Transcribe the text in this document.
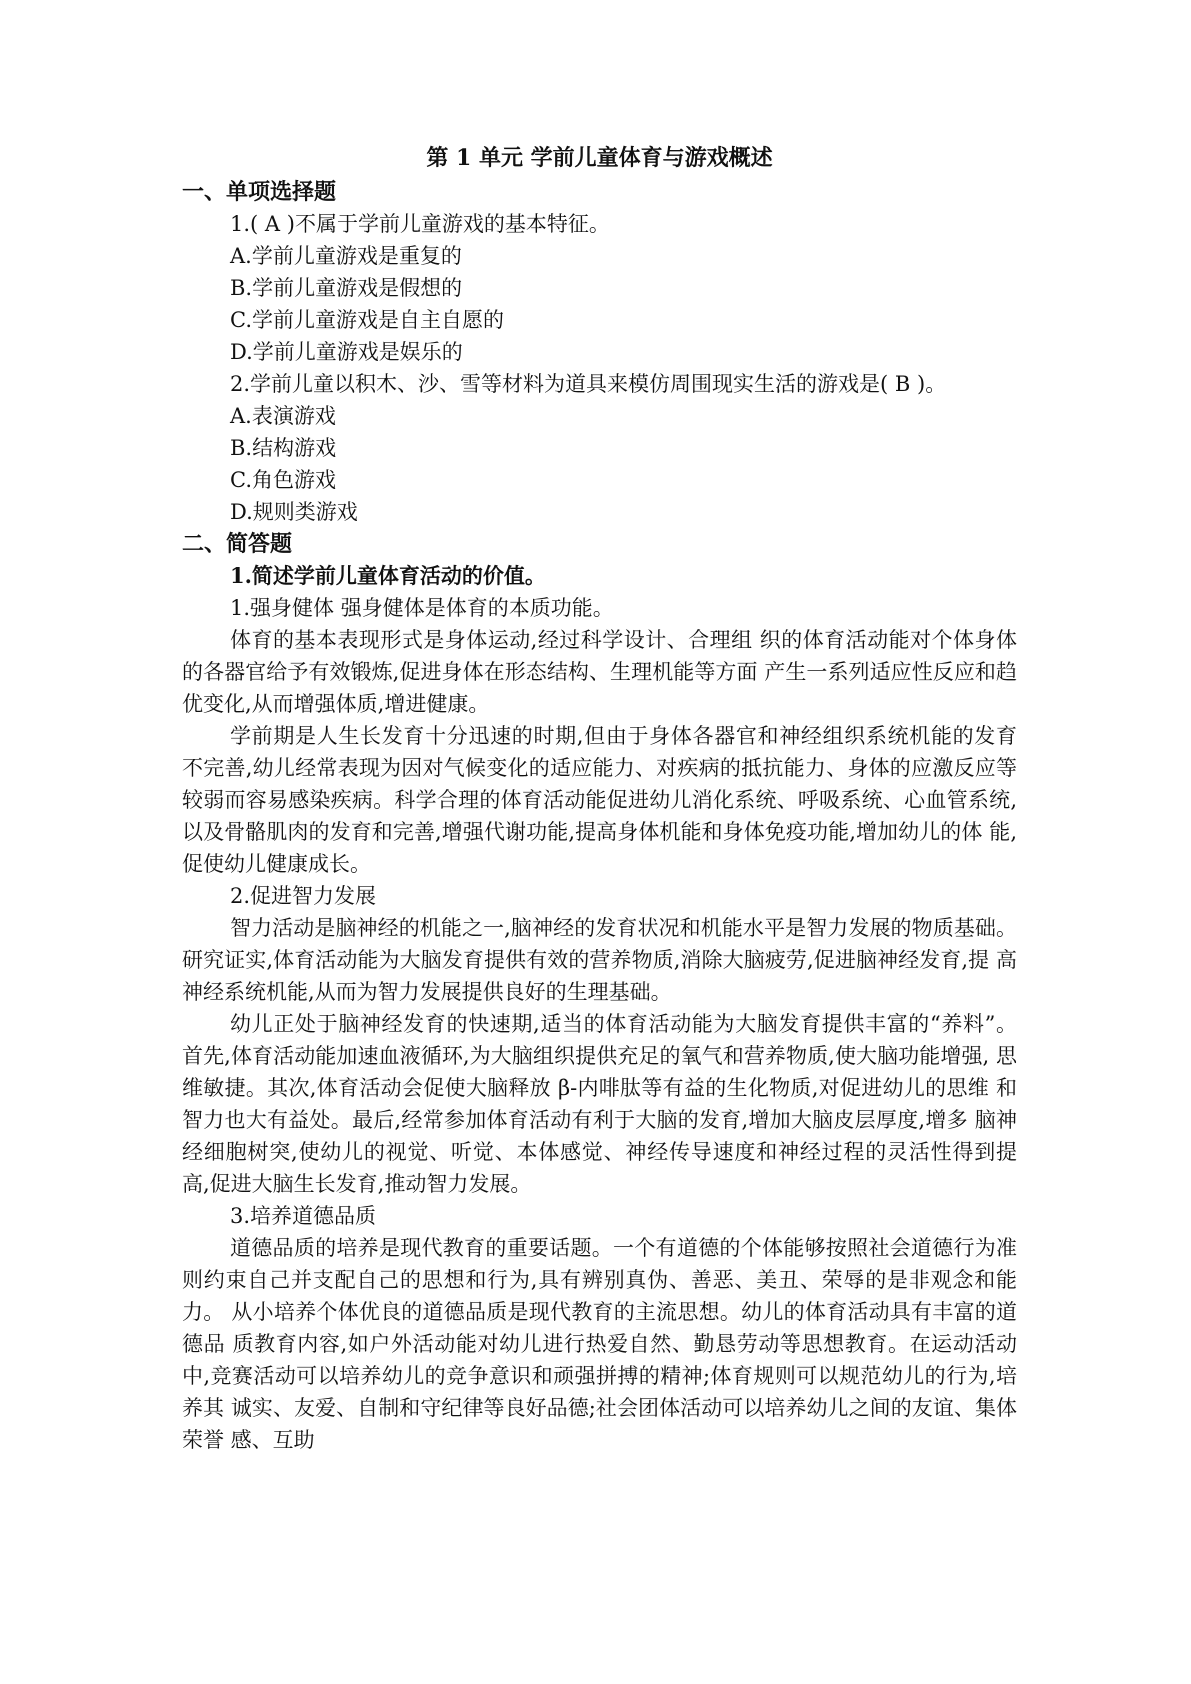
第 1 单元 学前儿童体育与游戏概述

一、单项选择题

1.( A )不属于学前儿童游戏的基本特征。

A.学前儿童游戏是重复的

B.学前儿童游戏是假想的

C.学前儿童游戏是自主自愿的

D.学前儿童游戏是娱乐的

2.学前儿童以积木、沙、雪等材料为道具来模仿周围现实生活的游戏是( B )。

A.表演游戏

B.结构游戏

C.角色游戏

D.规则类游戏

二、简答题

1.简述学前儿童体育活动的价值。

1.强身健体 强身健体是体育的本质功能。

体育的基本表现形式是身体运动,经过科学设计、合理组 织的体育活动能对个体身体的各器官给予有效锻炼,促进身体在形态结构、生理机能等方面 产生一系列适应性反应和趋优变化,从而增强体质,增进健康。

学前期是人生长发育十分迅速的时期,但由于身体各器官和神经组织系统机能的发育 不完善,幼儿经常表现为因对气候变化的适应能力、对疾病的抵抗能力、身体的应激反应等 较弱而容易感染疾病。科学合理的体育活动能促进幼儿消化系统、呼吸系统、心血管系统, 以及骨骼肌肉的发育和完善,增强代谢功能,提高身体机能和身体免疫功能,增加幼儿的体 能,促使幼儿健康成长。

2.促进智力发展

智力活动是脑神经的机能之一,脑神经的发育状况和机能水平是智力发展的物质基础。 研究证实,体育活动能为大脑发育提供有效的营养物质,消除大脑疲劳,促进脑神经发育,提 高神经系统机能,从而为智力发展提供良好的生理基础。

幼儿正处于脑神经发育的快速期,适当的体育活动能为大脑发育提供丰富的“养料”。 首先,体育活动能加速血液循环,为大脑组织提供充足的氧气和营养物质,使大脑功能增强, 思维敏捷。其次,体育活动会促使大脑释放 β-内啡肽等有益的生化物质,对促进幼儿的思维 和智力也大有益处。最后,经常参加体育活动有利于大脑的发育,增加大脑皮层厚度,增多 脑神经细胞树突,使幼儿的视觉、听觉、本体感觉、神经传导速度和神经过程的灵活性得到提 高,促进大脑生长发育,推动智力发展。

3.培养道德品质

道德品质的培养是现代教育的重要话题。一个有道德的个体能够按照社会道德行为准 则约束自己并支配自己的思想和行为,具有辨别真伪、善恶、美丑、荣辱的是非观念和能力。 从小培养个体优良的道德品质是现代教育的主流思想。幼儿的体育活动具有丰富的道德品 质教育内容,如户外活动能对幼儿进行热爱自然、勤恳劳动等思想教育。在运动活动中,竞赛活动可以培养幼儿的竞争意识和顽强拼搏的精神;体育规则可以规范幼儿的行为,培养其 诚实、友爱、自制和守纪律等良好品德;社会团体活动可以培养幼儿之间的友谊、集体荣誉 感、互助
